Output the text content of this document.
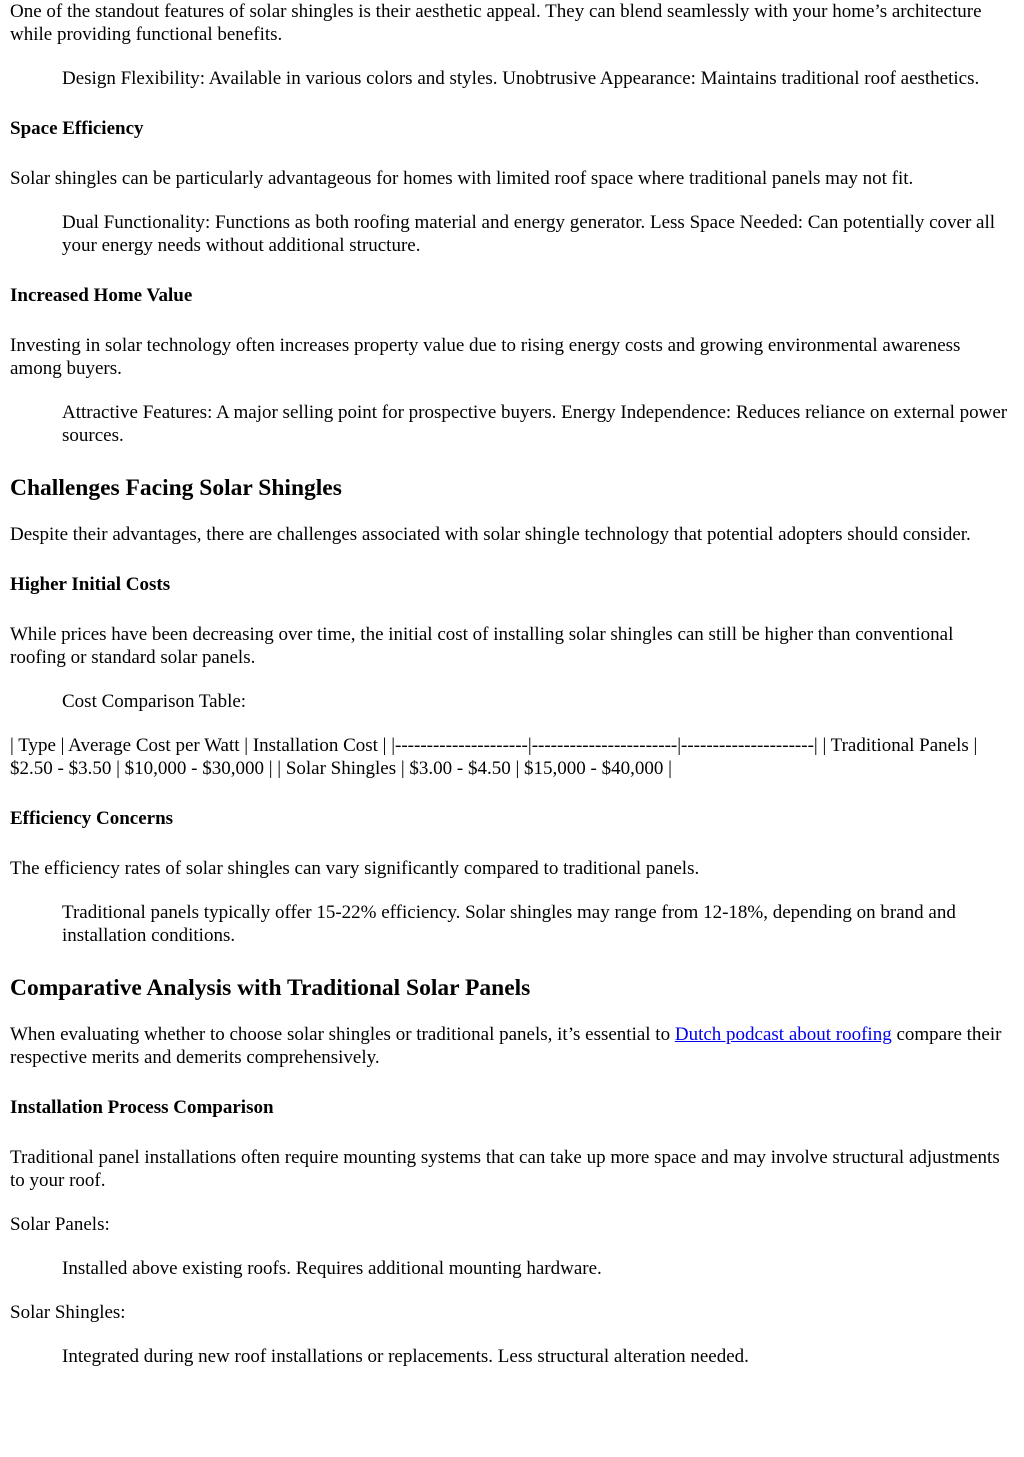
One of the standout features of solar shingles is their aesthetic appeal. They can blend seamlessly with your home’s architecture while providing functional benefits.

Design Flexibility: Available in various colors and styles. Unobtrusive Appearance: Maintains traditional roof aesthetics.
Space Efficiency

Solar shingles can be particularly advantageous for homes with limited roof space where traditional panels may not fit.

Dual Functionality: Functions as both roofing material and energy generator. Less Space Needed: Can potentially cover all your energy needs without additional structure.
Increased Home Value

Investing in solar technology often increases property value due to rising energy costs and growing environmental awareness among buyers.

Attractive Features: A major selling point for prospective buyers. Energy Independence: Reduces reliance on external power sources.
Challenges Facing Solar Shingles

Despite their advantages, there are challenges associated with solar shingle technology that potential adopters should consider.

Higher Initial Costs

While prices have been decreasing over time, the initial cost of installing solar shingles can still be higher than conventional roofing or standard solar panels.

Cost Comparison Table:

| Type | Average Cost per Watt | Installation Cost | |---------------------|-----------------------|---------------------| | Traditional Panels | $2.50 - $3.50 | $10,000 - $30,000 | | Solar Shingles | $3.00 - $4.50 | $15,000 - $40,000 |

Efficiency Concerns

The efficiency rates of solar shingles can vary significantly compared to traditional panels.

Traditional panels typically offer 15-22% efficiency. Solar shingles may range from 12-18%, depending on brand and installation conditions.
Comparative Analysis with Traditional Solar Panels

When evaluating whether to choose solar shingles or traditional panels, it’s essential to Dutch podcast about roofing compare their respective merits and demerits comprehensively.

Installation Process Comparison

Traditional panel installations often require mounting systems that can take up more space and may involve structural adjustments to your roof.

Solar Panels:

Installed above existing roofs. Requires additional mounting hardware.

Solar Shingles:

Integrated during new roof installations or replacements. Less structural alteration needed.
